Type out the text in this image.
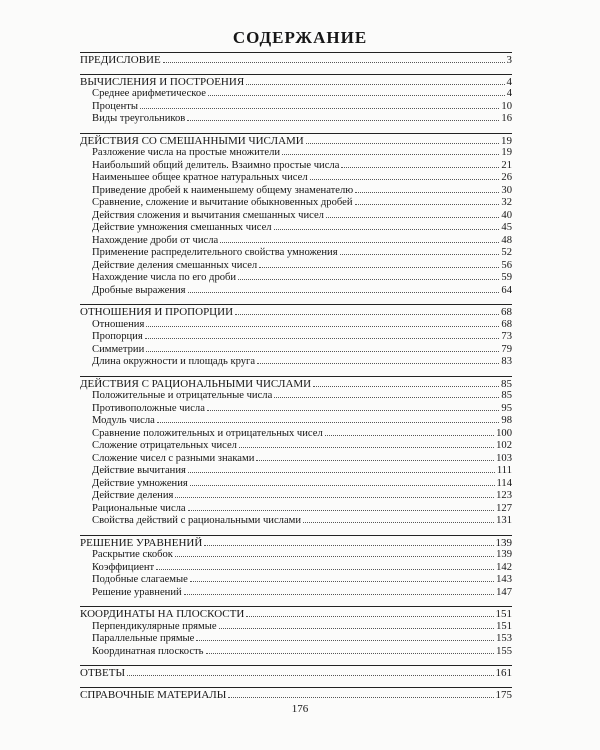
СОДЕРЖАНИЕ
ПРЕДИСЛОВИЕ	3
ВЫЧИСЛЕНИЯ И ПОСТРОЕНИЯ	4
Среднее арифметическое	4
Проценты	10
Виды треугольников	16
ДЕЙСТВИЯ СО СМЕШАННЫМИ ЧИСЛАМИ	19
Разложение числа на простые множители	19
Наибольший общий делитель. Взаимно простые числа	21
Наименьшее общее кратное натуральных чисел	26
Приведение дробей к наименьшему общему знаменателю	30
Сравнение, сложение и вычитание обыкновенных дробей	32
Действия сложения и вычитания смешанных чисел	40
Действие умножения смешанных чисел	45
Нахождение дроби от числа	48
Применение распределительного свойства умножения	52
Действие деления смешанных чисел	56
Нахождение числа по его дроби	59
Дробные выражения	64
ОТНОШЕНИЯ И ПРОПОРЦИИ	68
Отношения	68
Пропорция	73
Симметрии	79
Длина окружности и площадь круга	83
ДЕЙСТВИЯ С РАЦИОНАЛЬНЫМИ ЧИСЛАМИ	85
Положительные и отрицательные числа	85
Противоположные числа	95
Модуль числа	98
Сравнение положительных и отрицательных чисел	100
Сложение отрицательных чисел	102
Сложение чисел с разными знаками	103
Действие вычитания	111
Действие умножения	114
Действие деления	123
Рациональные числа	127
Свойства действий с рациональными числами	131
РЕШЕНИЕ УРАВНЕНИЙ	139
Раскрытие скобок	139
Коэффициент	142
Подобные слагаемые	143
Решение уравнений	147
КООРДИНАТЫ НА ПЛОСКОСТИ	151
Перпендикулярные прямые	151
Параллельные прямые	153
Координатная плоскость	155
ОТВЕТЫ	161
СПРАВОЧНЫЕ МАТЕРИАЛЫ	175
176
